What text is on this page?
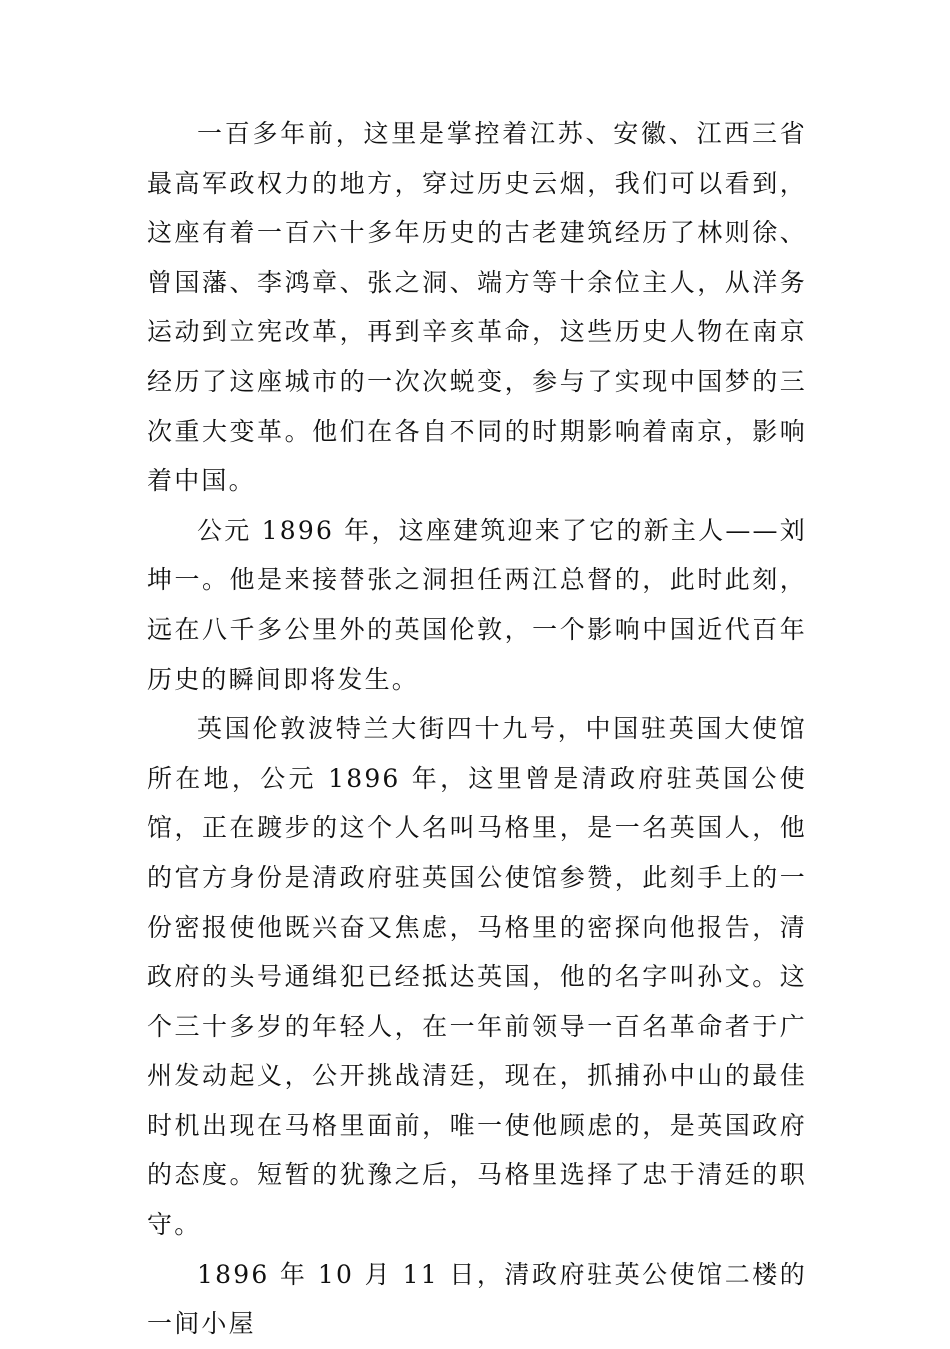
一百多年前，这里是掌控着江苏、安徽、江西三省最高军政权力的地方，穿过历史云烟，我们可以看到，这座有着一百六十多年历史的古老建筑经历了林则徐、曾国藩、李鸿章、张之洞、端方等十余位主人，从洋务运动到立宪改革，再到辛亥革命，这些历史人物在南京经历了这座城市的一次次蜕变，参与了实现中国梦的三次重大变革。他们在各自不同的时期影响着南京，影响着中国。

公元 1896 年，这座建筑迎来了它的新主人——刘坤一。他是来接替张之洞担任两江总督的，此时此刻，远在八千多公里外的英国伦敦，一个影响中国近代百年历史的瞬间即将发生。

英国伦敦波特兰大街四十九号，中国驻英国大使馆所在地，公元 1896 年，这里曾是清政府驻英国公使馆，正在踱步的这个人名叫马格里，是一名英国人，他的官方身份是清政府驻英国公使馆参赞，此刻手上的一份密报使他既兴奋又焦虑，马格里的密探向他报告，清政府的头号通缉犯已经抵达英国，他的名字叫孙文。这个三十多岁的年轻人，在一年前领导一百名革命者于广州发动起义，公开挑战清廷，现在，抓捕孙中山的最佳时机出现在马格里面前，唯一使他顾虑的，是英国政府的态度。短暂的犹豫之后，马格里选择了忠于清廷的职守。

1896 年 10 月 11 日，清政府驻英公使馆二楼的一间小屋
